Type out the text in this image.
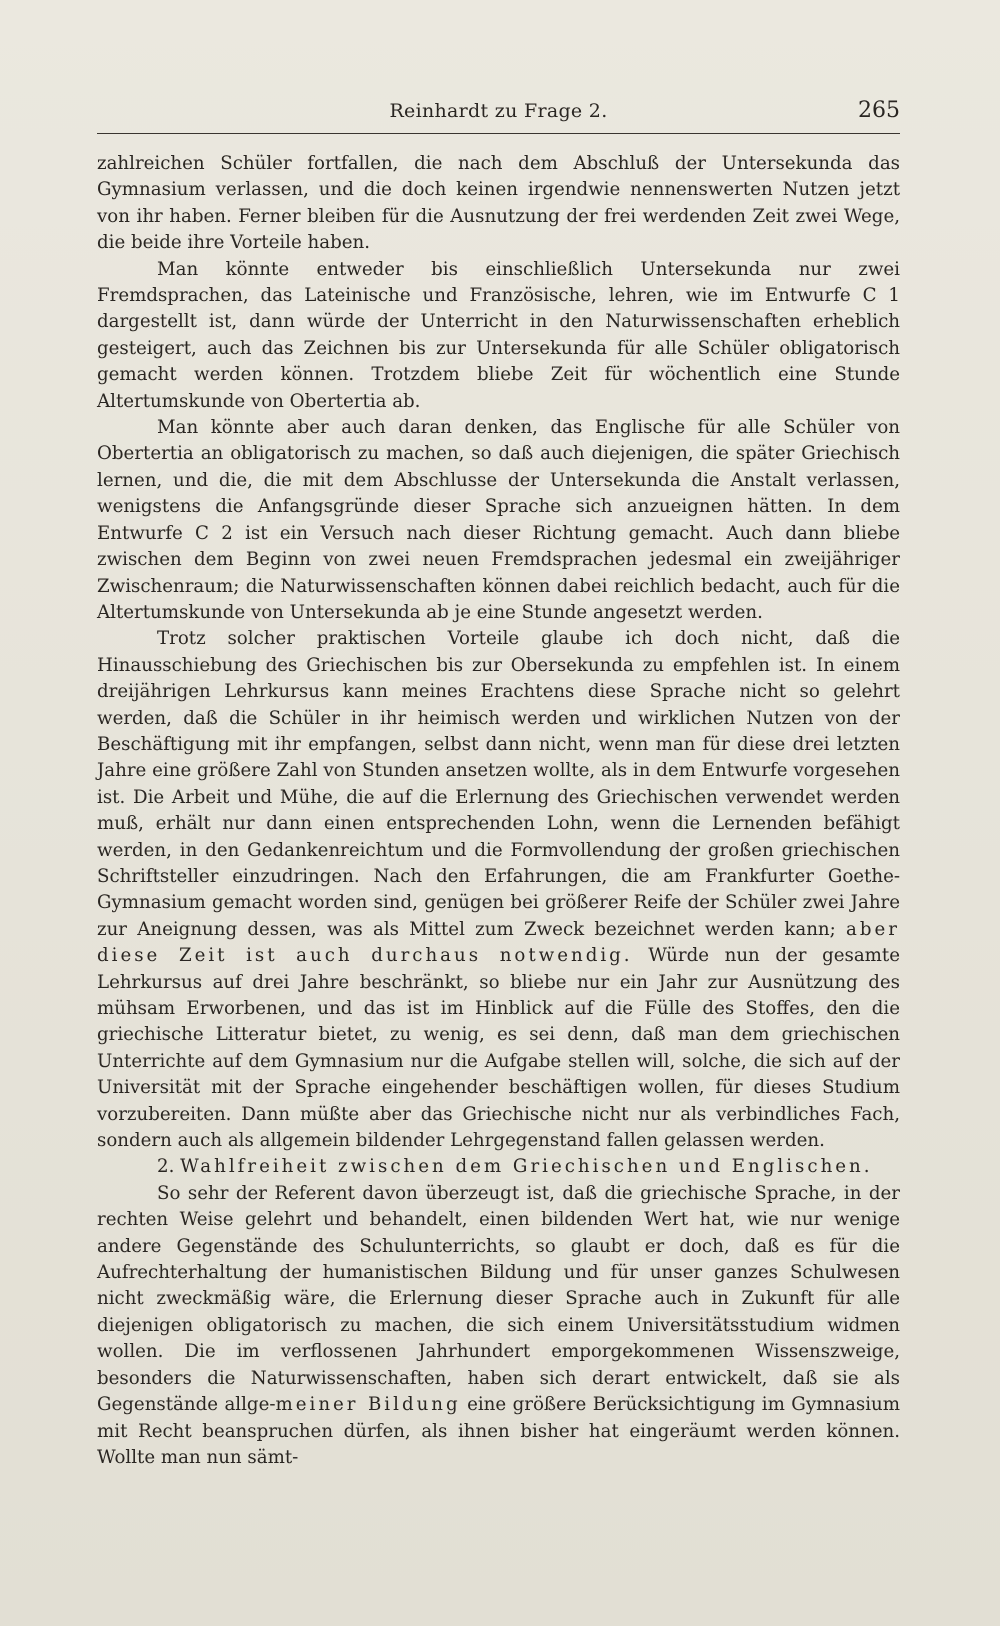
Reinhardt zu Frage 2.	265

zahlreichen Schüler fortfallen, die nach dem Abschluß der Untersekunda das Gymnasium verlassen, und die doch keinen irgendwie nennenswerten Nutzen jetzt von ihr haben. Ferner bleiben für die Ausnutzung der frei werdenden Zeit zwei Wege, die beide ihre Vorteile haben.

Man könnte entweder bis einschließlich Untersekunda nur zwei Fremdsprachen, das Lateinische und Französische, lehren, wie im Entwurfe C 1 dargestellt ist, dann würde der Unterricht in den Naturwissenschaften erheblich gesteigert, auch das Zeichnen bis zur Untersekunda für alle Schüler obligatorisch gemacht werden können. Trotzdem bliebe Zeit für wöchentlich eine Stunde Altertumskunde von Obertertia ab.

Man könnte aber auch daran denken, das Englische für alle Schüler von Obertertia an obligatorisch zu machen, so daß auch diejenigen, die später Griechisch lernen, und die, die mit dem Abschlusse der Untersekunda die Anstalt verlassen, wenigstens die Anfangsgründe dieser Sprache sich anzueignen hätten. In dem Entwurfe C 2 ist ein Versuch nach dieser Richtung gemacht. Auch dann bliebe zwischen dem Beginn von zwei neuen Fremdsprachen jedesmal ein zweijähriger Zwischenraum; die Naturwissenschaften können dabei reichlich bedacht, auch für die Altertumskunde von Untersekunda ab je eine Stunde angesetzt werden.

Trotz solcher praktischen Vorteile glaube ich doch nicht, daß die Hinausschiebung des Griechischen bis zur Obersekunda zu empfehlen ist. In einem dreijährigen Lehrkursus kann meines Erachtens diese Sprache nicht so gelehrt werden, daß die Schüler in ihr heimisch werden und wirklichen Nutzen von der Beschäftigung mit ihr empfangen, selbst dann nicht, wenn man für diese drei letzten Jahre eine größere Zahl von Stunden ansetzen wollte, als in dem Entwurfe vorgesehen ist. Die Arbeit und Mühe, die auf die Erlernung des Griechischen verwendet werden muß, erhält nur dann einen entsprechenden Lohn, wenn die Lernenden befähigt werden, in den Gedankenreichtum und die Formvollendung der großen griechischen Schriftsteller einzudringen. Nach den Erfahrungen, die am Frankfurter Goethe-Gymnasium gemacht worden sind, genügen bei größerer Reife der Schüler zwei Jahre zur Aneignung dessen, was als Mittel zum Zweck bezeichnet werden kann; aber diese Zeit ist auch durchaus notwendig. Würde nun der gesamte Lehrkursus auf drei Jahre beschränkt, so bliebe nur ein Jahr zur Ausnützung des mühsam Erworbenen, und das ist im Hinblick auf die Fülle des Stoffes, den die griechische Litteratur bietet, zu wenig, es sei denn, daß man dem griechischen Unterrichte auf dem Gymnasium nur die Aufgabe stellen will, solche, die sich auf der Universität mit der Sprache eingehender beschäftigen wollen, für dieses Studium vorzubereiten. Dann müßte aber das Griechische nicht nur als verbindliches Fach, sondern auch als allgemein bildender Lehrgegenstand fallen gelassen werden.

2. Wahlfreiheit zwischen dem Griechischen und Englischen.

So sehr der Referent davon überzeugt ist, daß die griechische Sprache, in der rechten Weise gelehrt und behandelt, einen bildenden Wert hat, wie nur wenige andere Gegenstände des Schulunterrichts, so glaubt er doch, daß es für die Aufrechterhaltung der humanistischen Bildung und für unser ganzes Schulwesen nicht zweckmäßig wäre, die Erlernung dieser Sprache auch in Zukunft für alle diejenigen obligatorisch zu machen, die sich einem Universitätsstudium widmen wollen. Die im verflossenen Jahrhundert emporgekommenen Wissenszweige, besonders die Naturwissenschaften, haben sich derart entwickelt, daß sie als Gegenstände allge-meiner Bildung eine größere Berücksichtigung im Gymnasium mit Recht beanspruchen dürfen, als ihnen bisher hat eingeräumt werden können. Wollte man nun sämt-
